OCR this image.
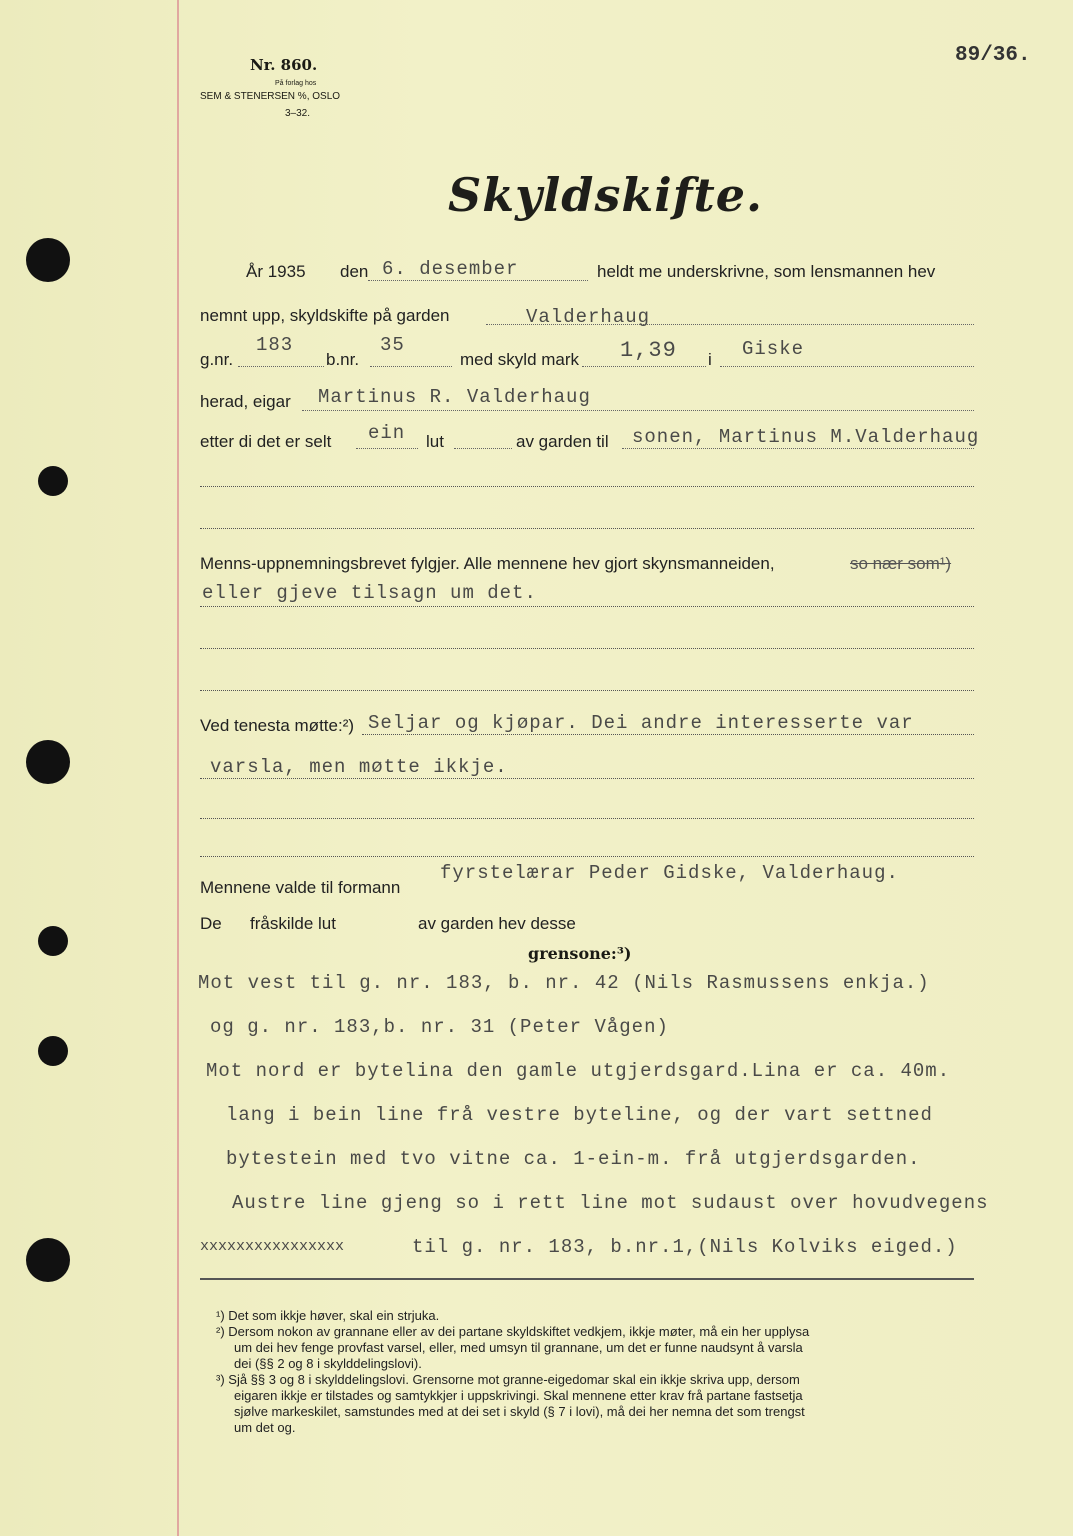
Nr. 860.
På forlag hos
SEM & STENERSEN %, OSLO
3–32.
89/36.
Skyldskifte.
År 1935 den 6. desember	heldt me underskrivne, som lensmannen hev
nemnt upp, skyldskifte på garden	Valderhaug
g.nr.
183
b.nr.
35
med skyld mark 1,39 i Giske
herad, eigar Martinus R. Valderhaug
etter di det er selt ein lut	av garden til sonen, Martinus M.Valderhaug
Menns-uppnemningsbrevet fylgjer. Alle mennene hev gjort skynsmanneiden,	so nær som¹)
eller gjeve tilsagn um det.
Ved tenesta møtte:²) Seljar og kjøpar. Dei andre interesserte var
varsla, men møtte ikkje.
Mennene valde til formann
fyrstelærar Peder Gidske, Valderhaug.
De fråskilde lut	av garden hev desse
grensone:³)
Mot vest til g. nr. 183, b. nr. 42 (Nils Rasmussens enkja.)
og g. nr. 183,b. nr. 31 (Peter Vågen)
Mot nord er bytelina den gamle utgjerdsgard.Lina er ca. 40m.
lang i bein line frå vestre byteline, og der vart settned
bytestein med tvo vitne ca. 1-ein-m. frå utgjerdsgarden.
Austre line gjeng so i rett line mot sudaust over hovudvegens
xxxxxxxxxxxxxxxx	til g. nr. 183, b.nr.1,(Nils Kolviks eiged.)
¹) Det som ikkje høver, skal ein strjuka.
²) Dersom nokon av grannane eller av dei partane skyldskiftet vedkjem, ikkje møter, må ein her upplysa
um dei hev fenge provfast varsel, eller, med umsyn til grannane, um det er funne naudsynt å varsla
dei (§§ 2 og 8 i skylddelingslovi).
³) Sjå §§ 3 og 8 i skylddelingslovi. Grensorne mot granne-eigedomar skal ein ikkje skriva upp, dersom
eigaren ikkje er tilstades og samtykkjer i uppskrivingi. Skal mennene etter krav frå partane fastsetja
sjølve markeskilet, samstundes med at dei set i skyld (§ 7 i lovi), må dei her nemna det som trengst
um det og.
